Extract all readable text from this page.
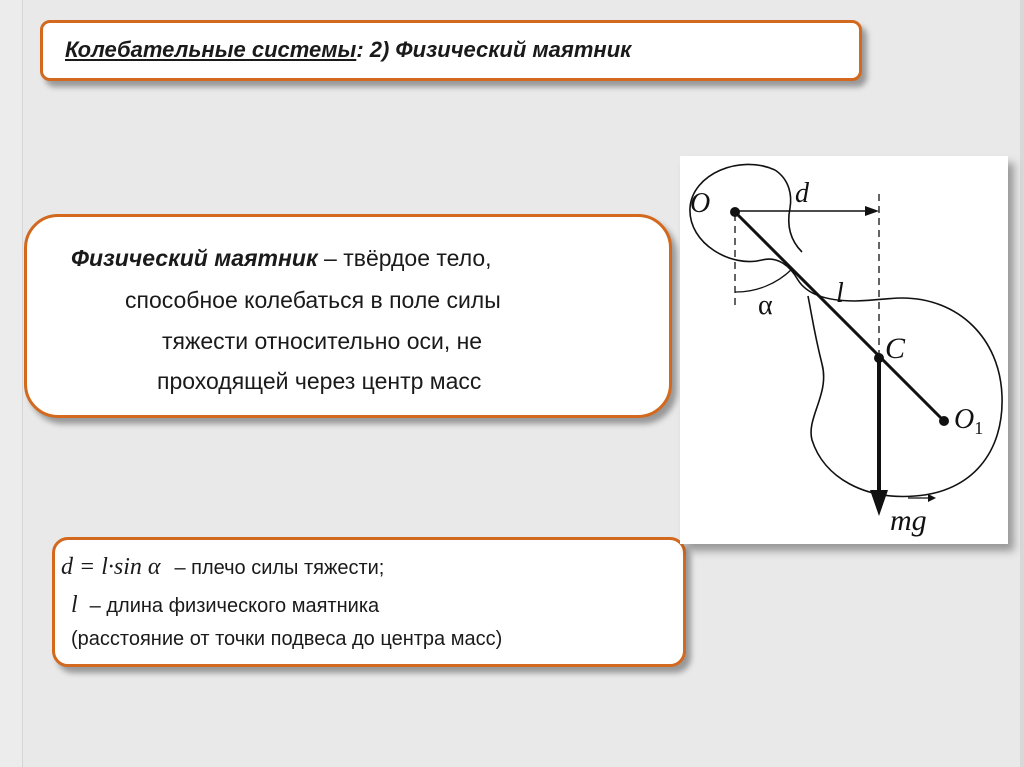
Колебательные системы: 2) Физический маятник
Физический маятник – твёрдое тело,
способное колебаться в поле силы
тяжести относительно оси, не
проходящей через центр масс
d = l·sin α – плечо силы тяжести;
l – длина физического маятника
(расстояние от точки подвеса до центра масс)
O	d
l
α
C
$O_1$
mg
